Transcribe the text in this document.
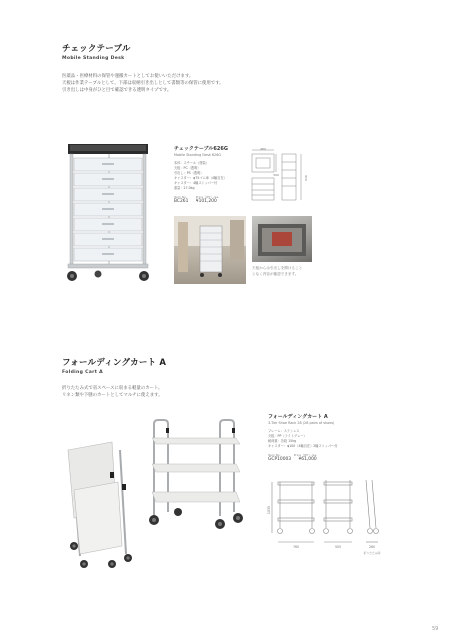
チェックテーブル
Mobile Standing Desk
医薬品・医療材料の保管や運搬カートとしてお使いいただけます。
天板は作業テーブルとして、下部は収納引き出しとして書類等の保管に使用です。
引き出しは中身がひと目で確認できる透明タイプです。
チェックテーブル626G
Mobile Standing Desk 626G
本体：スチール（塗装）
天板：PC（透明）
引出し：PS（透明）
キャスター：φ75ゴム車（4輪自在）
キャスター：4輪ストッパー付
重量：27.0kg
Item No.	Price（JPY）/ea.
BC261 ¥101,200
480
390
950
天板からは引出しを開けること
となく内容が確認できます。
フォールディングカート A
Folding Cart A
折りたたみ式で省スペースに収まる軽量のカート。
リネン類や下膳のカートとしてマルチに使えます。
フォールディングカート A
3-Tier Shoe Rack 28 (28 pairs of shoes)
フレーム：ステンレス
天板：PP（ライトグレー）
耐荷重：各段 15kg
キャスター：φ100（4輪自在）2輪ストッパー付
Item No.	Price（JPY）/ea.
GCP10003 ¥61,000
760	505
1035
260
折りたたみ時
59
